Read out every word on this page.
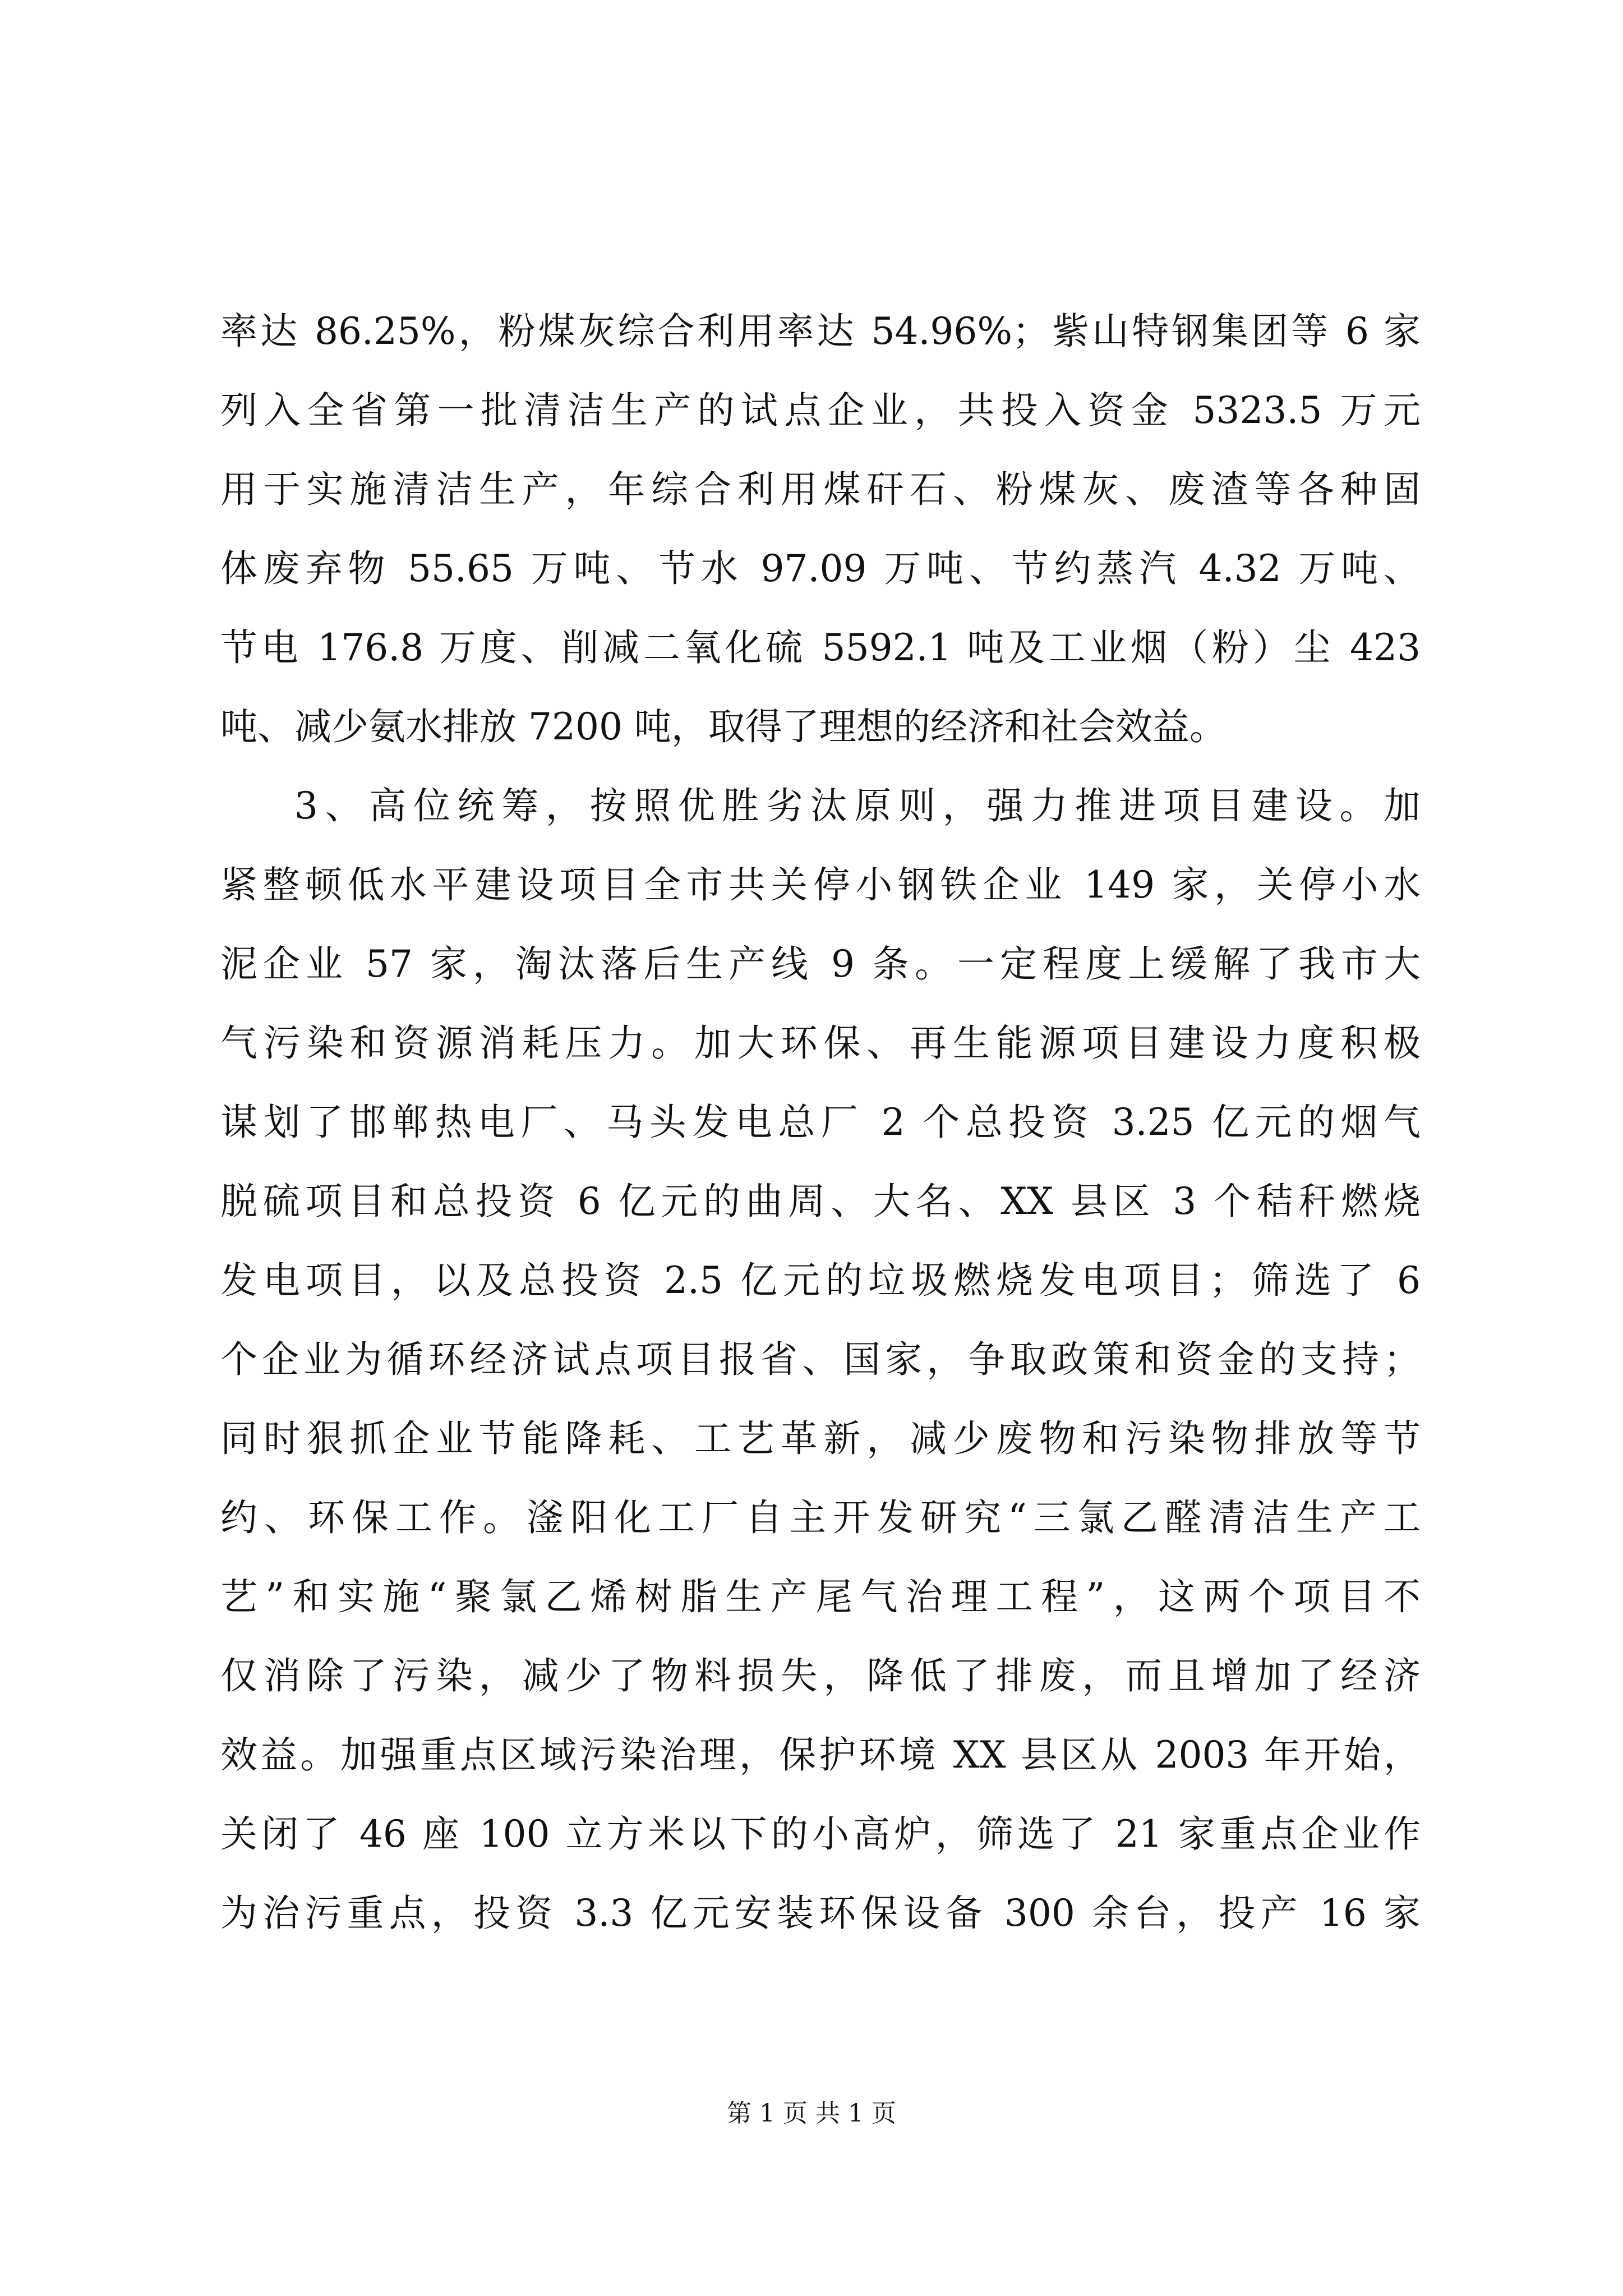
率达 86.25%，粉煤灰综合利用率达 54.96%；紫山特钢集团等 6 家
列入全省第一批清洁生产的试点企业，共投入资金 5323.5 万元
用于实施清洁生产，年综合利用煤矸石、粉煤灰、废渣等各种固
体废弃物 55.65 万吨、节水 97.09 万吨、节约蒸汽 4.32 万吨、
节电 176.8 万度、削减二氧化硫 5592.1 吨及工业烟（粉）尘 423
吨、减少氨水排放 7200 吨，取得了理想的经济和社会效益。
3、高位统筹，按照优胜劣汰原则，强力推进项目建设。加
紧整顿低水平建设项目全市共关停小钢铁企业 149 家，关停小水
泥企业 57 家，淘汰落后生产线 9 条。一定程度上缓解了我市大
气污染和资源消耗压力。加大环保、再生能源项目建设力度积极
谋划了邯郸热电厂、马头发电总厂 2 个总投资 3.25 亿元的烟气
脱硫项目和总投资 6 亿元的曲周、大名、XX 县区 3 个秸秆燃烧
发电项目，以及总投资 2.5 亿元的垃圾燃烧发电项目；筛选了 6
个企业为循环经济试点项目报省、国家，争取政策和资金的支持；
同时狠抓企业节能降耗、工艺革新，减少废物和污染物排放等节
约、环保工作。滏阳化工厂自主开发研究“三氯乙醛清洁生产工
艺”和实施“聚氯乙烯树脂生产尾气治理工程”，这两个项目不
仅消除了污染，减少了物料损失，降低了排废，而且增加了经济
效益。加强重点区域污染治理，保护环境 XX 县区从 2003 年开始，
关闭了 46 座 100 立方米以下的小高炉，筛选了 21 家重点企业作
为治污重点，投资 3.3 亿元安装环保设备 300 余台，投产 16 家
第 1 页 共 1 页
